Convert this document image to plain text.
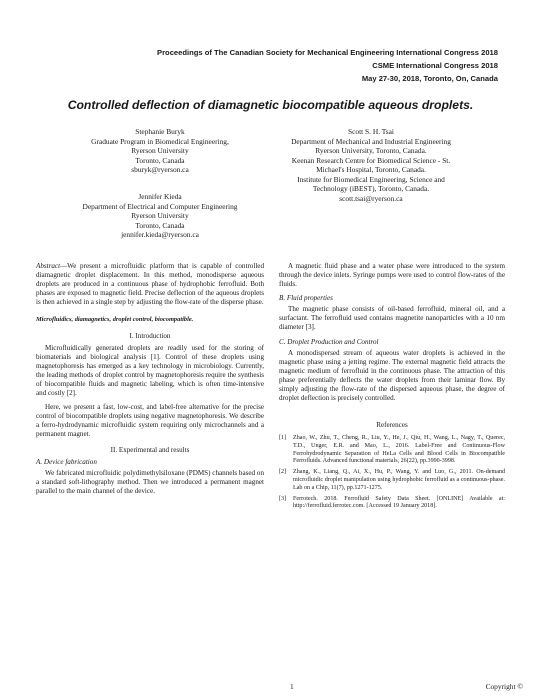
Proceedings of The Canadian Society for Mechanical Engineering International Congress 2018
CSME International Congress 2018
May 27-30, 2018, Toronto, On, Canada
Controlled deflection of diamagnetic biocompatible aqueous droplets.
Stephanie Buryk
Graduate Program in Biomedical Engineering,
Ryerson University
Toronto, Canada
sburyk@ryerson.ca
Jennifer Kieda
Department of Electrical and Computer Engineering
Ryerson University
Toronto, Canada
jennifer.kieda@ryerson.ca
Scott S. H. Tsai
Department of Mechanical and Industrial Engineering
Ryerson University, Toronto, Canada.
Keenan Research Centre for Biomedical Science - St.
Michael's Hospital, Toronto, Canada.
Institute for Biomedical Engineering, Science and
Technology (iBEST), Toronto, Canada.
scott.tsai@ryerson.ca

Abstract—We present a microfluidic platform that is capable of controlled diamagnetic droplet displacement. In this method, monodisperse aqueous droplets are produced in a continuous phase of hydrophobic ferrofluid. Both phases are exposed to magnetic field. Precise deflection of the aqueous droplets is then achieved in a single step by adjusting the flow-rate of the disperse phase.

Microfluidics, diamagnetics, droplet control, biocompatible.

I. Introduction

Microfluidically generated droplets are readily used for the storing of biomaterials and biological analysis [1]. Control of these droplets using magnetophoresis has emerged as a key technology in microbiology. Currently, the leading methods of droplet control by magnetophoresis require the synthesis of biocompatible fluids and magnetic labeling, which is often time-intensive and costly [2].

Here, we present a fast, low-cost, and label-free alternative for the precise control of biocompatible droplets using negative magnetophoresis. We describe a ferro-hydrodynamic microfluidic system requiring only microchannels and a permanent magnet.

II. Experimental and results

A. Device fabrication

We fabricated microfluidic polydimethylsiloxane (PDMS) channels based on a standard soft-lithography method. Then we introduced a permanent magnet parallel to the main channel of the device.

A magnetic fluid phase and a water phase were introduced to the system through the device inlets. Syringe pumps were used to control flow-rates of the fluids.

B. Fluid properties

The magnetic phase consists of oil-based ferrofluid, mineral oil, and a surfactant. The ferrofluid used contains magnetite nanoparticles with a 10 nm diameter [3].

C. Droplet Production and Control

A monodispersed stream of aqueous water droplets is achieved in the magnetic phase using a jetting regime. The external magnetic field attracts the magnetic medium of ferrofluid in the continuous phase. The attraction of this phase preferentially deflects the water droplets from their laminar flow. By simply adjusting the flow-rate of the dispersed aqueous phase, the degree of droplet deflection is precisely controlled.

References

[1]	Zhao, W., Zhu, T., Cheng, R., Liu, Y., He, J., Qiu, H., Wang, L., Nagy, T., Querec, T.D., Unger, E.R. and Mao, L., 2016. Label-Free and Continuous-Flow Ferrohydrodynamic Separation of HeLa Cells and Blood Cells in Biocompatible Ferrofluids. Advanced functional materials, 26(22), pp.3990-3998.
[2]	Zhang, K., Liang, Q., Ai, X., Hu, P., Wang, Y. and Luo, G., 2011. On-demand microfluidic droplet manipulation using hydrophobic ferrofluid as a continuous-phase. Lab on a Chip, 11(7), pp.1271-1275.
[3]	Ferrotech. 2018. Ferrofluid Safety Data Sheet. [ONLINE] Available at: http://ferrofluid.ferrotec.com. [Accessed 19 January 2018].
1	Copyright ©
